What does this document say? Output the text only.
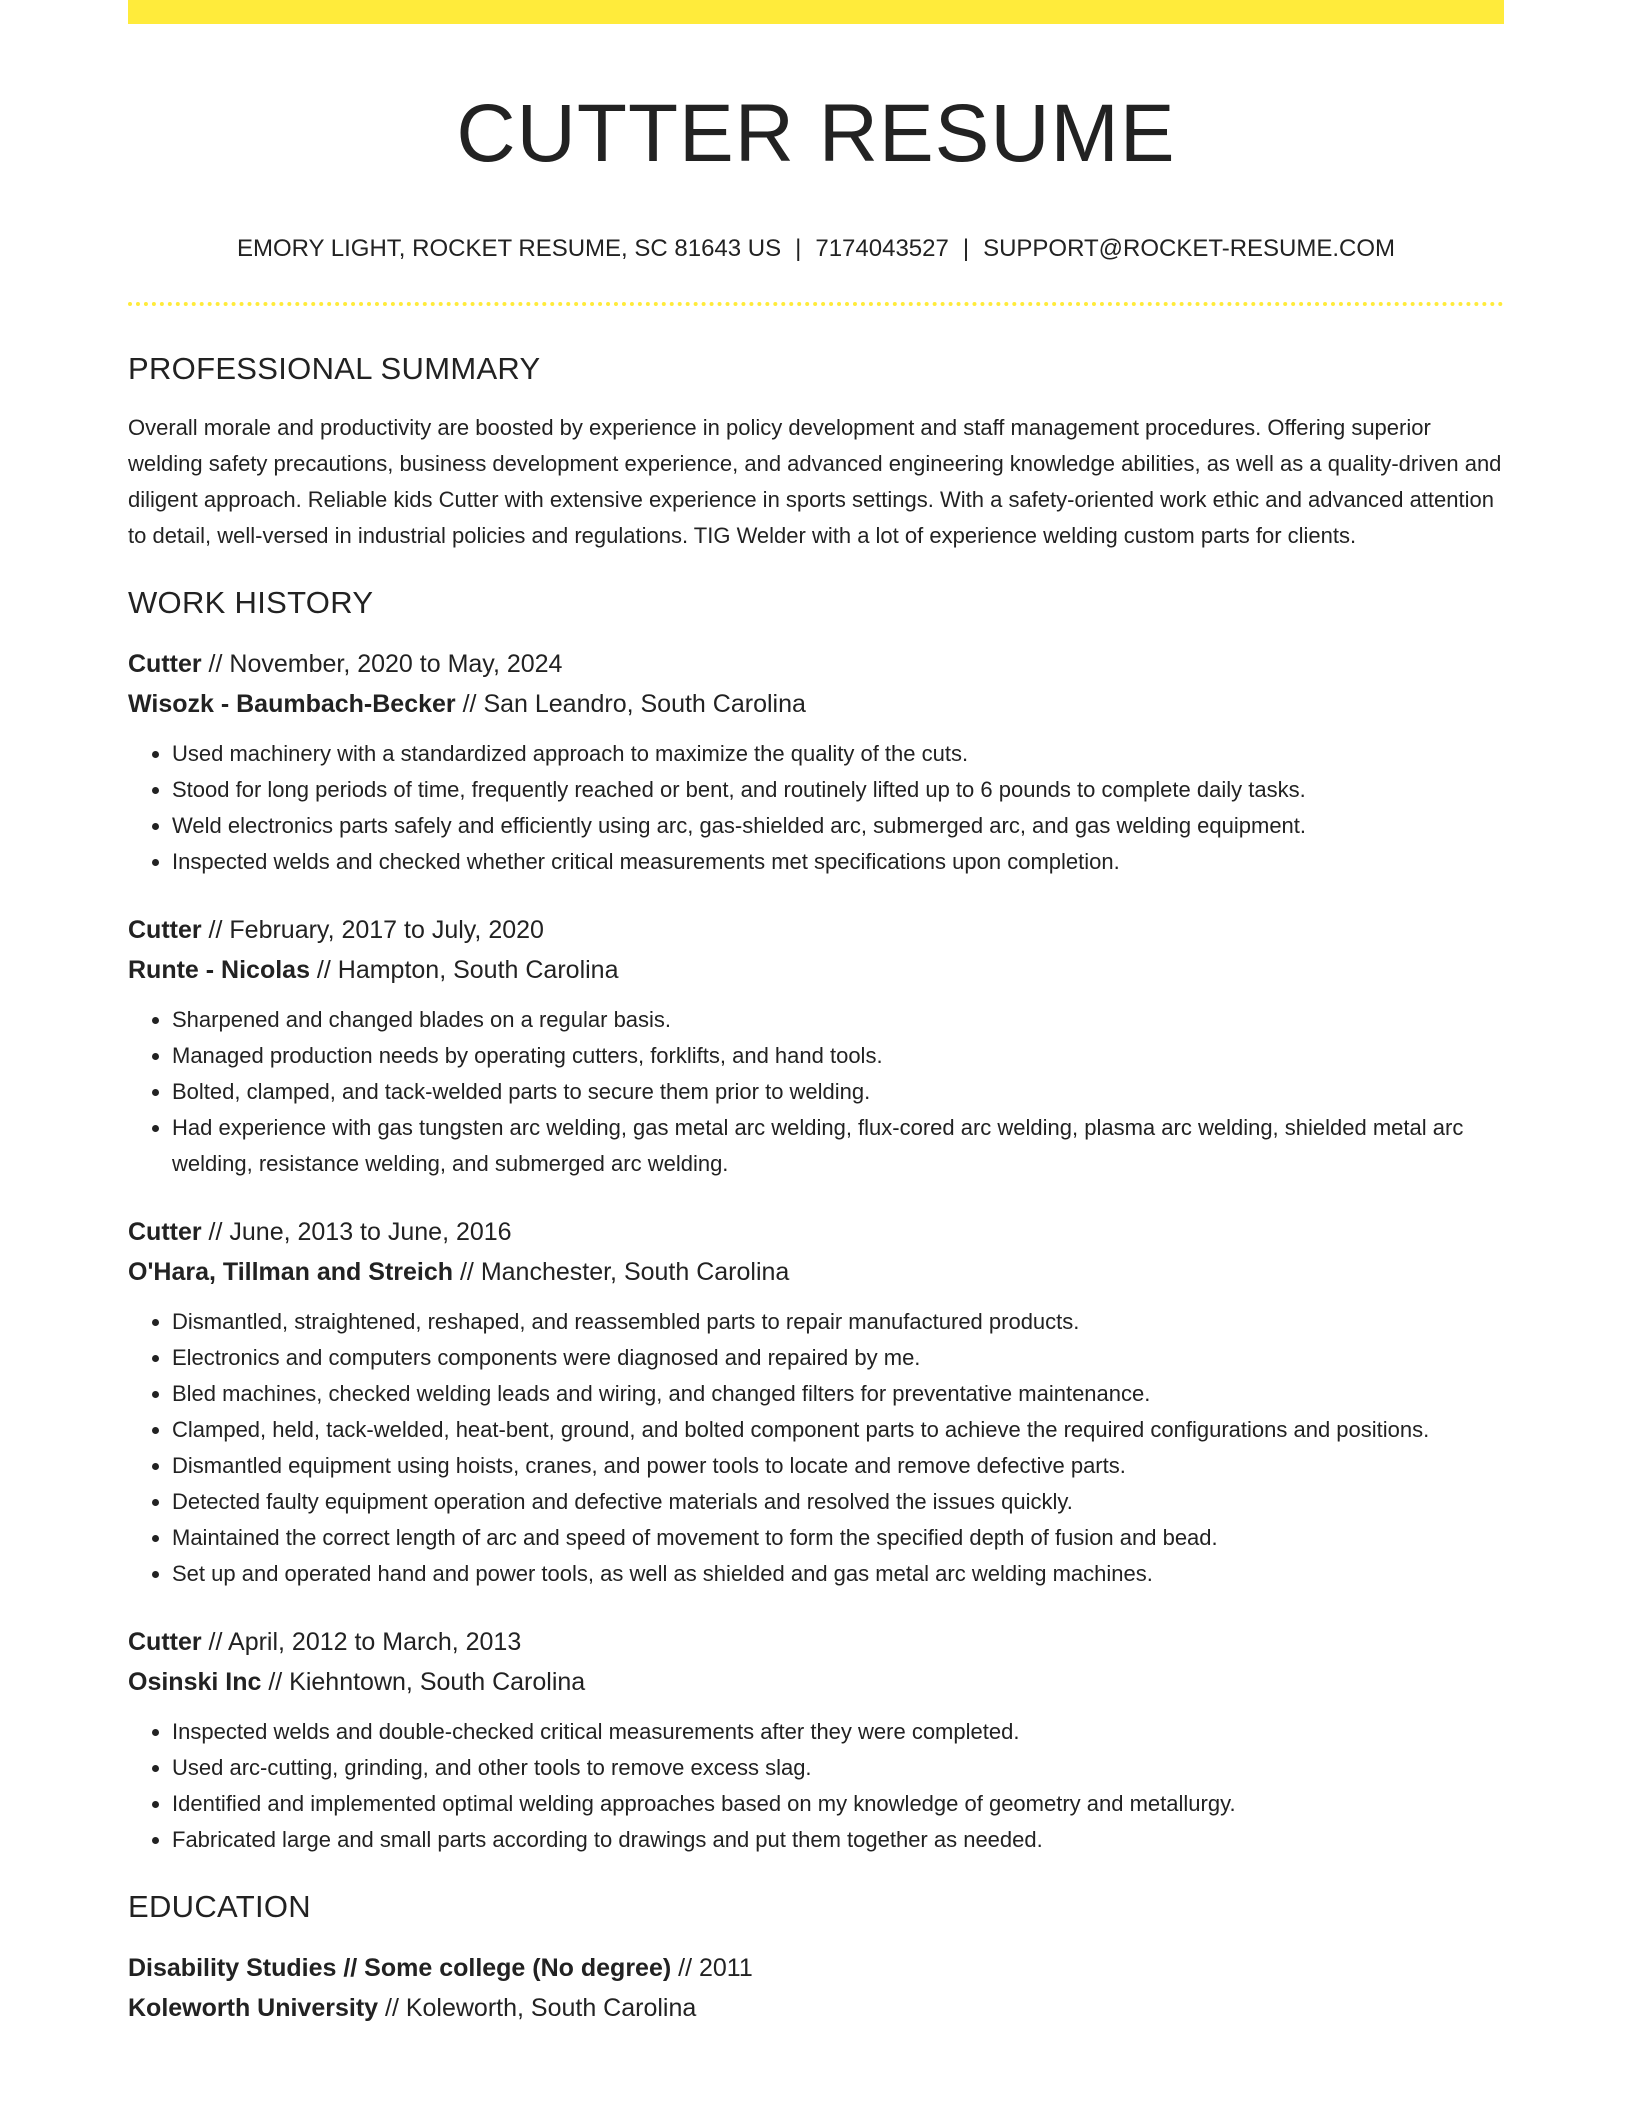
CUTTER RESUME
EMORY LIGHT, ROCKET RESUME, SC 81643 US | 7174043527 | SUPPORT@ROCKET-RESUME.COM
PROFESSIONAL SUMMARY
Overall morale and productivity are boosted by experience in policy development and staff management procedures. Offering superior welding safety precautions, business development experience, and advanced engineering knowledge abilities, as well as a quality-driven and diligent approach. Reliable kids Cutter with extensive experience in sports settings. With a safety-oriented work ethic and advanced attention to detail, well-versed in industrial policies and regulations. TIG Welder with a lot of experience welding custom parts for clients.
WORK HISTORY
Cutter // November, 2020 to May, 2024
Wisozk - Baumbach-Becker // San Leandro, South Carolina
• Used machinery with a standardized approach to maximize the quality of the cuts.
• Stood for long periods of time, frequently reached or bent, and routinely lifted up to 6 pounds to complete daily tasks.
• Weld electronics parts safely and efficiently using arc, gas-shielded arc, submerged arc, and gas welding equipment.
• Inspected welds and checked whether critical measurements met specifications upon completion.
Cutter // February, 2017 to July, 2020
Runte - Nicolas // Hampton, South Carolina
• Sharpened and changed blades on a regular basis.
• Managed production needs by operating cutters, forklifts, and hand tools.
• Bolted, clamped, and tack-welded parts to secure them prior to welding.
• Had experience with gas tungsten arc welding, gas metal arc welding, flux-cored arc welding, plasma arc welding, shielded metal arc welding, resistance welding, and submerged arc welding.
Cutter // June, 2013 to June, 2016
O'Hara, Tillman and Streich // Manchester, South Carolina
• Dismantled, straightened, reshaped, and reassembled parts to repair manufactured products.
• Electronics and computers components were diagnosed and repaired by me.
• Bled machines, checked welding leads and wiring, and changed filters for preventative maintenance.
• Clamped, held, tack-welded, heat-bent, ground, and bolted component parts to achieve the required configurations and positions.
• Dismantled equipment using hoists, cranes, and power tools to locate and remove defective parts.
• Detected faulty equipment operation and defective materials and resolved the issues quickly.
• Maintained the correct length of arc and speed of movement to form the specified depth of fusion and bead.
• Set up and operated hand and power tools, as well as shielded and gas metal arc welding machines.
Cutter // April, 2012 to March, 2013
Osinski Inc // Kiehntown, South Carolina
• Inspected welds and double-checked critical measurements after they were completed.
• Used arc-cutting, grinding, and other tools to remove excess slag.
• Identified and implemented optimal welding approaches based on my knowledge of geometry and metallurgy.
• Fabricated large and small parts according to drawings and put them together as needed.
EDUCATION
Disability Studies // Some college (No degree) // 2011
Koleworth University // Koleworth, South Carolina
